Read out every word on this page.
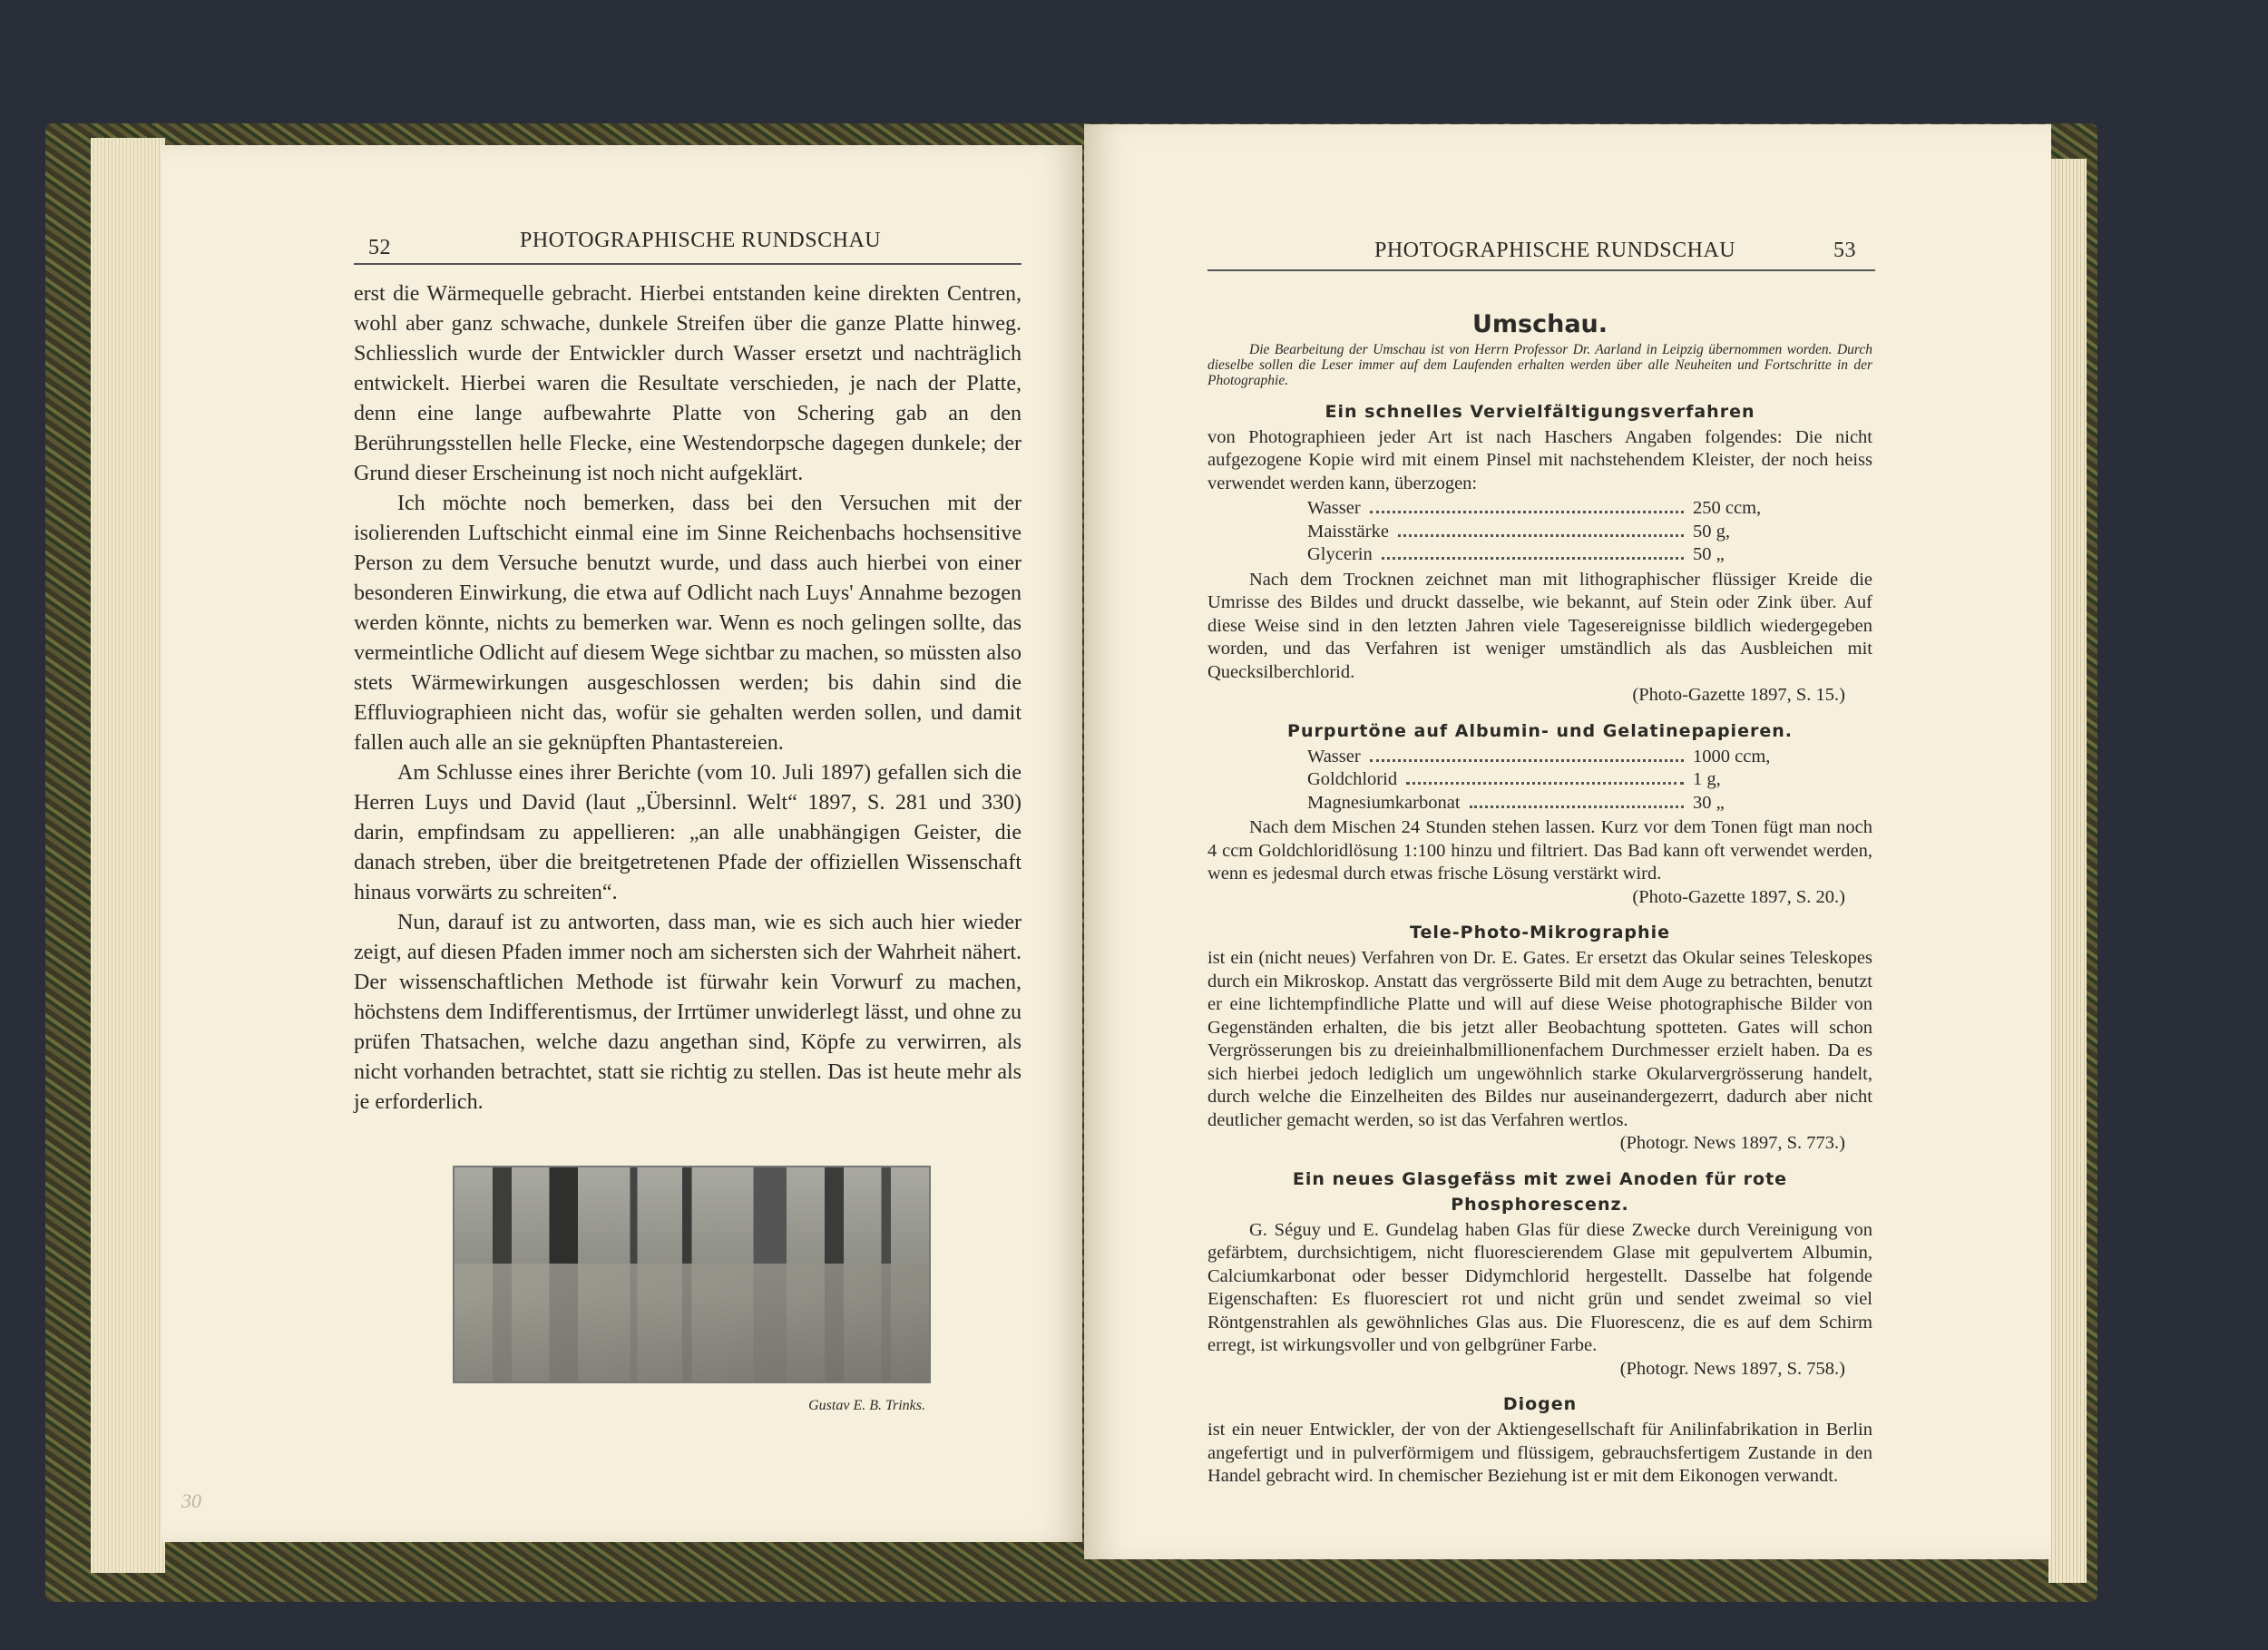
52	PHOTOGRAPHISCHE RUNDSCHAU

erst die Wärmequelle gebracht. Hierbei entstanden keine direkten Centren, wohl aber ganz schwache, dunkele Streifen über die ganze Platte hinweg. Schliesslich wurde der Entwickler durch Wasser ersetzt und nachträglich entwickelt. Hierbei waren die Resultate verschieden, je nach der Platte, denn eine lange aufbewahrte Platte von Schering gab an den Berührungsstellen helle Flecke, eine Westendorpsche dagegen dunkele; der Grund dieser Erscheinung ist noch nicht aufgeklärt.

Ich möchte noch bemerken, dass bei den Versuchen mit der isolierenden Luftschicht einmal eine im Sinne Reichenbachs hochsensitive Person zu dem Versuche benutzt wurde, und dass auch hierbei von einer besonderen Einwirkung, die etwa auf Odlicht nach Luys' Annahme bezogen werden könnte, nichts zu bemerken war. Wenn es noch gelingen sollte, das vermeintliche Odlicht auf diesem Wege sichtbar zu machen, so müssten also stets Wärmewirkungen ausgeschlossen werden; bis dahin sind die Effluviographieen nicht das, wofür sie gehalten werden sollen, und damit fallen auch alle an sie geknüpften Phantastereien.

Am Schlusse eines ihrer Berichte (vom 10. Juli 1897) gefallen sich die Herren Luys und David (laut „Übersinnl. Welt“ 1897, S. 281 und 330) darin, empfindsam zu appellieren: „an alle unabhängigen Geister, die danach streben, über die breitgetretenen Pfade der offiziellen Wissenschaft hinaus vorwärts zu schreiten“.

Nun, darauf ist zu antworten, dass man, wie es sich auch hier wieder zeigt, auf diesen Pfaden immer noch am sichersten sich der Wahrheit nähert. Der wissenschaftlichen Methode ist fürwahr kein Vorwurf zu machen, höchstens dem Indifferentismus, der Irrtümer unwiderlegt lässt, und ohne zu prüfen Thatsachen, welche dazu angethan sind, Köpfe zu verwirren, als nicht vorhanden betrachtet, statt sie richtig zu stellen. Das ist heute mehr als je erforderlich.

Gustav E. B. Trinks.
30
PHOTOGRAPHISCHE RUNDSCHAU	53
Umschau.

Die Bearbeitung der Umschau ist von Herrn Professor Dr. Aarland in Leipzig übernommen worden. Durch dieselbe sollen die Leser immer auf dem Laufenden erhalten werden über alle Neuheiten und Fortschritte in der Photographie.

Ein schnelles Vervielfältigungsverfahren

von Photographieen jeder Art ist nach Haschers Angaben folgendes: Die nicht aufgezogene Kopie wird mit einem Pinsel mit nachstehendem Kleister, der noch heiss verwendet werden kann, überzogen:

Wasser	250 ccm,
Maisstärke	50 g,
Glycerin	50 „

Nach dem Trocknen zeichnet man mit lithographischer flüssiger Kreide die Umrisse des Bildes und druckt dasselbe, wie bekannt, auf Stein oder Zink über. Auf diese Weise sind in den letzten Jahren viele Tagesereignisse bildlich wiedergegeben worden, und das Verfahren ist weniger umständlich als das Ausbleichen mit Quecksilberchlorid.

(Photo-Gazette 1897, S. 15.)
Purpurtöne auf Albumin- und Gelatinepapieren.
Wasser	1000 ccm,
Goldchlorid	1 g,
Magnesiumkarbonat	30 „

Nach dem Mischen 24 Stunden stehen lassen. Kurz vor dem Tonen fügt man noch 4 ccm Goldchloridlösung 1:100 hinzu und filtriert. Das Bad kann oft verwendet werden, wenn es jedesmal durch etwas frische Lösung verstärkt wird.

(Photo-Gazette 1897, S. 20.)
Tele-Photo-Mikrographie

ist ein (nicht neues) Verfahren von Dr. E. Gates. Er ersetzt das Okular seines Teleskopes durch ein Mikroskop. Anstatt das vergrösserte Bild mit dem Auge zu betrachten, benutzt er eine lichtempfindliche Platte und will auf diese Weise photographische Bilder von Gegenständen erhalten, die bis jetzt aller Beobachtung spotteten. Gates will schon Vergrösserungen bis zu dreieinhalbmillionenfachem Durchmesser erzielt haben. Da es sich hierbei jedoch lediglich um ungewöhnlich starke Okularvergrösserung handelt, durch welche die Einzelheiten des Bildes nur auseinandergezerrt, dadurch aber nicht deutlicher gemacht werden, so ist das Verfahren wertlos.

(Photogr. News 1897, S. 773.)
Ein neues Glasgefäss mit zwei Anoden für rote Phosphorescenz.

G. Séguy und E. Gundelag haben Glas für diese Zwecke durch Vereinigung von gefärbtem, durchsichtigem, nicht fluorescierendem Glase mit gepulvertem Albumin, Calciumkarbonat oder besser Didymchlorid hergestellt. Dasselbe hat folgende Eigenschaften: Es fluoresciert rot und nicht grün und sendet zweimal so viel Röntgenstrahlen als gewöhnliches Glas aus. Die Fluorescenz, die es auf dem Schirm erregt, ist wirkungsvoller und von gelbgrüner Farbe.

(Photogr. News 1897, S. 758.)
Diogen

ist ein neuer Entwickler, der von der Aktiengesellschaft für Anilinfabrikation in Berlin angefertigt und in pulverförmigem und flüssigem, gebrauchsfertigem Zustande in den Handel gebracht wird. In chemischer Beziehung ist er mit dem Eikonogen verwandt.
